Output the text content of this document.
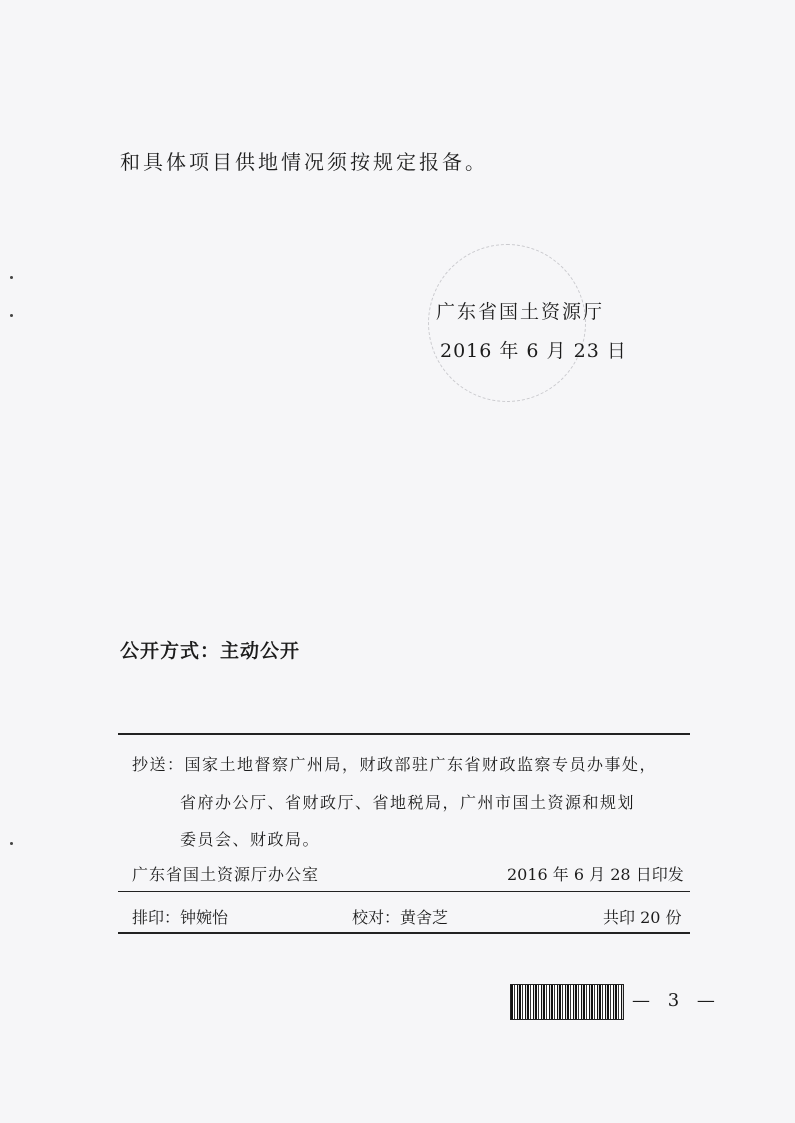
和具体项目供地情况须按规定报备。
广东省国土资源厅
2016 年 6 月 23 日
公开方式：主动公开
抄送：国家土地督察广州局，财政部驻广东省财政监察专员办事处，
省府办公厅、省财政厅、省地税局，广州市国土资源和规划
委员会、财政局。
广东省国土资源厅办公室	2016 年 6 月 28 日印发
排印：钟婉怡	校对：黄舍芝	共印 20 份
— 3 —
